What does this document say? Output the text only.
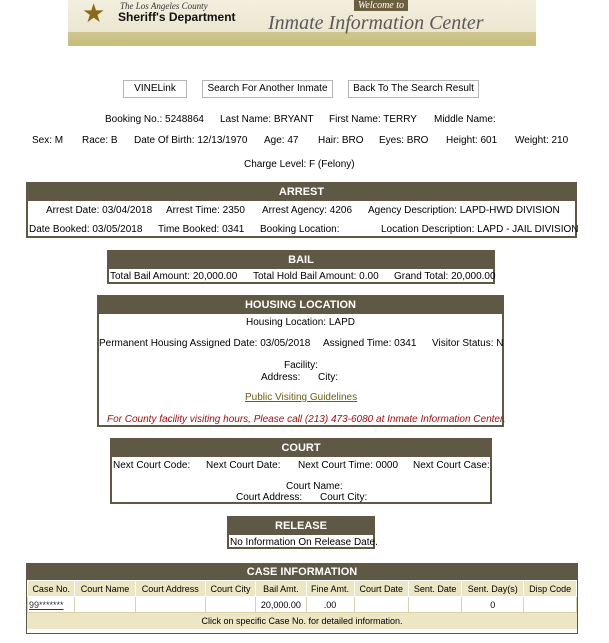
★ The Los Angeles County
Sheriff's Department
Welcome to
Inmate Information Center
VINELink	Search For Another Inmate	Back To The Search Result
Booking No.: 5248864 Last Name: BRYANT First Name: TERRY Middle Name:
Sex: M Race: B Date Of Birth: 12/13/1970 Age: 47 Hair: BRO Eyes: BRO Height: 601 Weight: 210
Charge Level: F (Felony)
ARREST
Arrest Date: 03/04/2018 Arrest Time: 2350 Arrest Agency: 4206 Agency Description: LAPD-HWD DIVISION
Date Booked: 03/05/2018 Time Booked: 0341 Booking Location:	Location Description: LAPD - JAIL DIVISION
BAIL
Total Bail Amount: 20,000.00 Total Hold Bail Amount: 0.00 Grand Total: 20,000.00
HOUSING LOCATION
Housing Location: LAPD
Permanent Housing Assigned Date: 03/05/2018 Assigned Time: 0341 Visitor Status: N
Facility:
Address: City:
Public Visiting Guidelines
For County facility visiting hours, Please call (213) 473-6080 at Inmate Information Center.
COURT
Next Court Code: Next Court Date: Next Court Time: 0000 Next Court Case:
Court Name:
Court Address: Court City:
RELEASE
No Information On Release Date.
CASE INFORMATION
Case No.	Court Name	Court Address	Court City	Bail Amt.	Fine Amt.	Court Date	Sent. Date	Sent. Day(s)	Disp Code
99*******				20,000.00	.00			0	
Click on specific Case No. for detailed information.
